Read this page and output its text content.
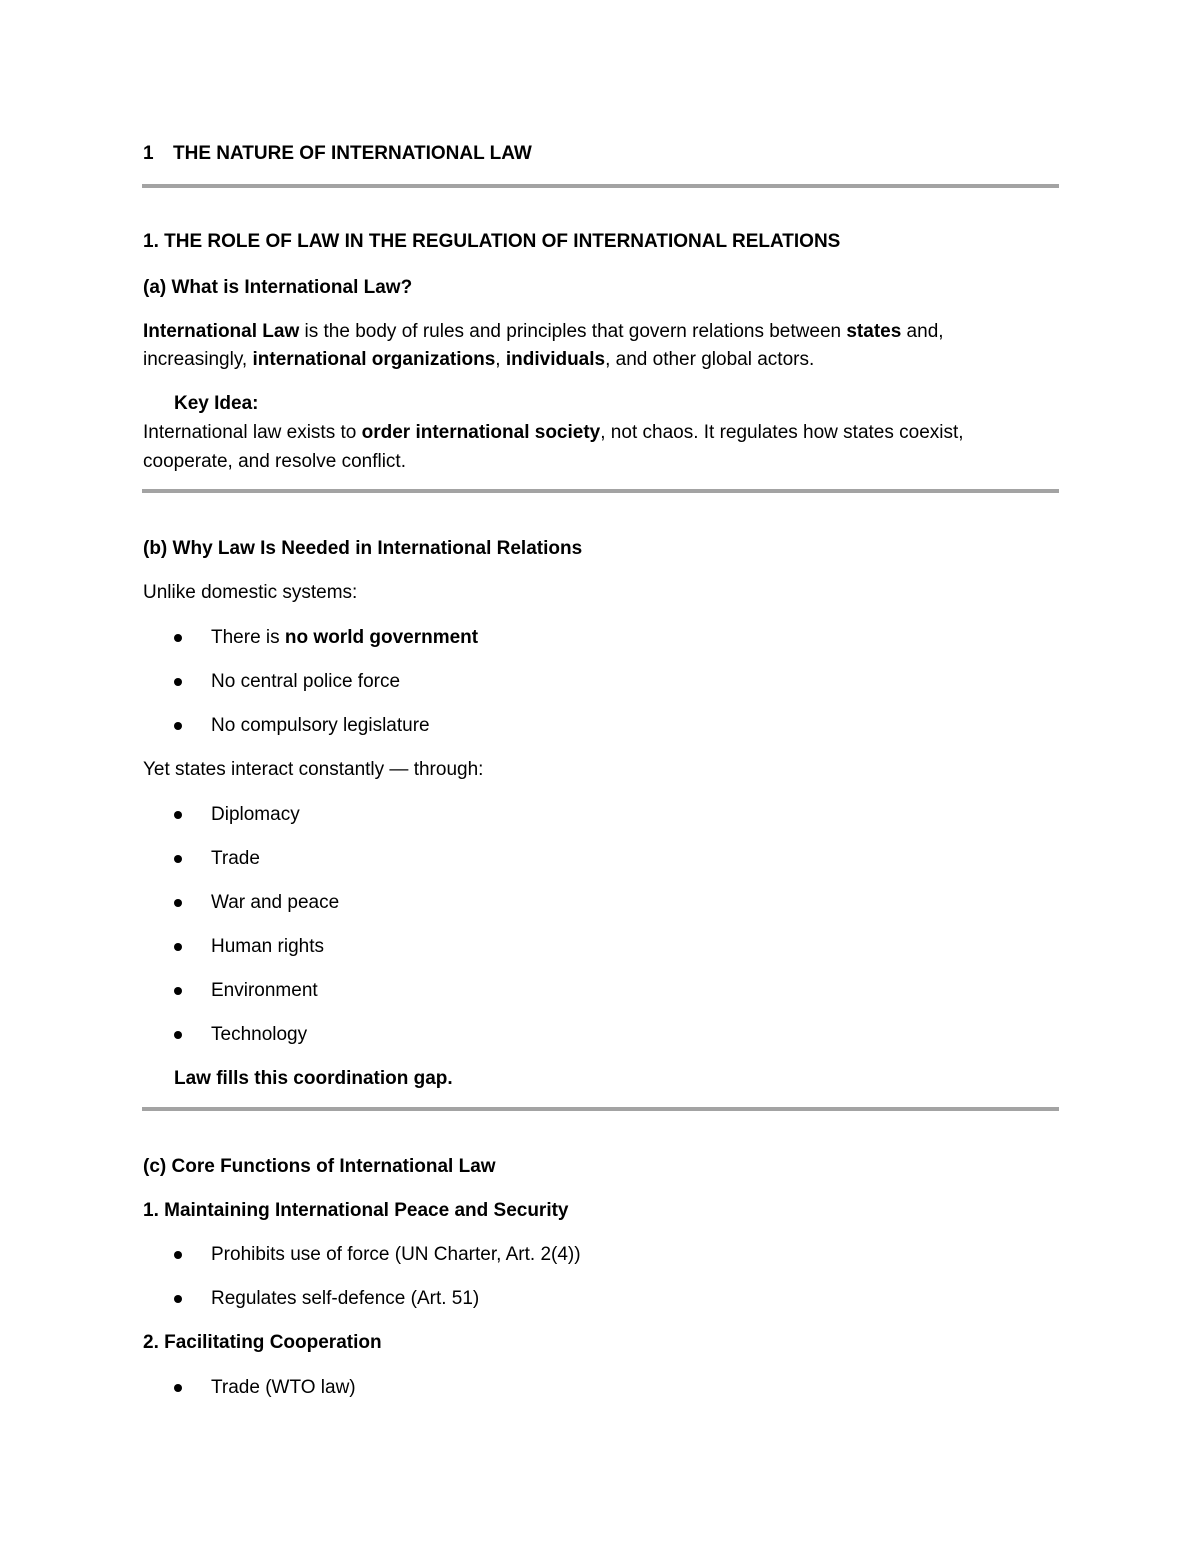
1 THE NATURE OF INTERNATIONAL LAW
1. THE ROLE OF LAW IN THE REGULATION OF INTERNATIONAL RELATIONS
(a) What is International Law?
International Law is the body of rules and principles that govern relations between states and,
increasingly, international organizations, individuals, and other global actors.
Key Idea:
International law exists to order international society, not chaos. It regulates how states coexist,
cooperate, and resolve conflict.
(b) Why Law Is Needed in International Relations
Unlike domestic systems:
There is no world government
No central police force
No compulsory legislature
Yet states interact constantly — through:
Diplomacy
Trade
War and peace
Human rights
Environment
Technology
Law fills this coordination gap.
(c) Core Functions of International Law
1. Maintaining International Peace and Security
Prohibits use of force (UN Charter, Art. 2(4))
Regulates self-defence (Art. 51)
2. Facilitating Cooperation
Trade (WTO law)
